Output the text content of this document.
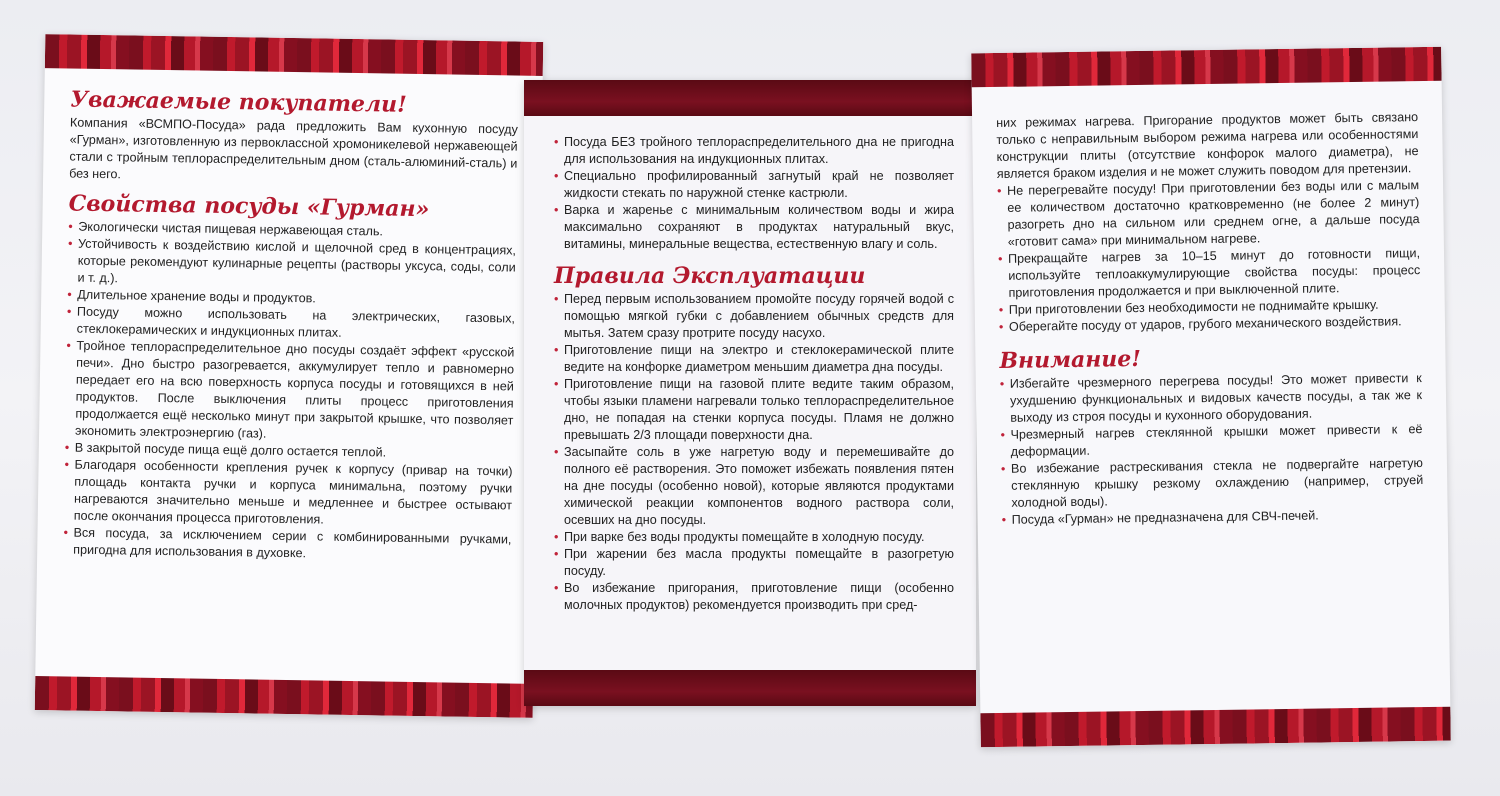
Уважаемые покупатели!

Компания «ВСМПО-Посуда» рада предложить Вам кухонную посуду «Гурман», изготовленную из первоклассной хромоникелевой нержавеющей стали с тройным теплораспределительным дном (сталь-алюминий-сталь) и без него.

Свойства посуды «Гурман»
• Экологически чистая пищевая нержавеющая сталь.
• Устойчивость к воздействию кислой и щелочной сред в концентрациях, которые рекомендуют кулинарные рецепты (растворы уксуса, соды, соли и т. д.).
• Длительное хранение воды и продуктов.
• Посуду можно использовать на электрических, газовых, стеклокерамических и индукционных плитах.
• Тройное теплораспределительное дно посуды создаёт эффект «русской печи». Дно быстро разогревается, аккумулирует тепло и равномерно передает его на всю поверхность корпуса посуды и готовящихся в ней продуктов. После выключения плиты процесс приготовления продолжается ещё несколько минут при закрытой крышке, что позволяет экономить электроэнергию (газ).
• В закрытой посуде пища ещё долго остается теплой.
• Благодаря особенности крепления ручек к корпусу (привар на точки) площадь контакта ручки и корпуса минимальна, поэтому ручки нагреваются значительно меньше и медленнее и быстрее остывают после окончания процесса приготовления.
• Вся посуда, за исключением серии с комбинированными ручками, пригодна для использования в духовке.
• Посуда БЕЗ тройного теплораспределительного дна не пригодна для использования на индукционных плитах.
• Специально профилированный загнутый край не позволяет жидкости стекать по наружной стенке кастрюли.
• Варка и жаренье с минимальным количеством воды и жира максимально сохраняют в продуктах натуральный вкус, витамины, минеральные вещества, естественную влагу и соль.
Правила Эксплуатации
• Перед первым использованием промойте посуду горячей водой с помощью мягкой губки с добавлением обычных средств для мытья. Затем сразу протрите посуду насухо.
• Приготовление пищи на электро и стеклокерамической плите ведите на конфорке диаметром меньшим диаметра дна посуды.
• Приготовление пищи на газовой плите ведите таким образом, чтобы языки пламени нагревали только теплораспределительное дно, не попадая на стенки корпуса посуды. Пламя не должно превышать 2/3 площади поверхности дна.
• Засыпайте соль в уже нагретую воду и перемешивайте до полного её растворения. Это поможет избежать появления пятен на дне посуды (особенно новой), которые являются продуктами химической реакции компонентов водного раствора соли, осевших на дно посуды.
• При варке без воды продукты помещайте в холодную посуду.
• При жарении без масла продукты помещайте в разогретую посуду.
• Во избежание пригорания, приготовление пищи (особенно молочных продуктов) рекомендуется производить при сред-

них режимах нагрева. Пригорание продуктов может быть связано только с неправильным выбором режима нагрева или особенностями конструкции плиты (отсутствие конфорок малого диаметра), не является браком изделия и не может служить поводом для претензии.

• Не перегревайте посуду! При приготовлении без воды или с малым ее количеством достаточно кратковременно (не более 2 минут) разогреть дно на сильном или среднем огне, а дальше посуда «готовит сама» при минимальном нагреве.
• Прекращайте нагрев за 10–15 минут до готовности пищи, используйте теплоаккумулирующие свойства посуды: процесс приготовления продолжается и при выключенной плите.
• При приготовлении без необходимости не поднимайте крышку.
• Оберегайте посуду от ударов, грубого механического воздействия.
Внимание!
• Избегайте чрезмерного перегрева посуды! Это может привести к ухудшению функциональных и видовых качеств посуды, а так же к выходу из строя посуды и кухонного оборудования.
• Чрезмерный нагрев стеклянной крышки может привести к её деформации.
• Во избежание растрескивания стекла не подвергайте нагретую стеклянную крышку резкому охлаждению (например, струей холодной воды).
• Посуда «Гурман» не предназначена для СВЧ-печей.
